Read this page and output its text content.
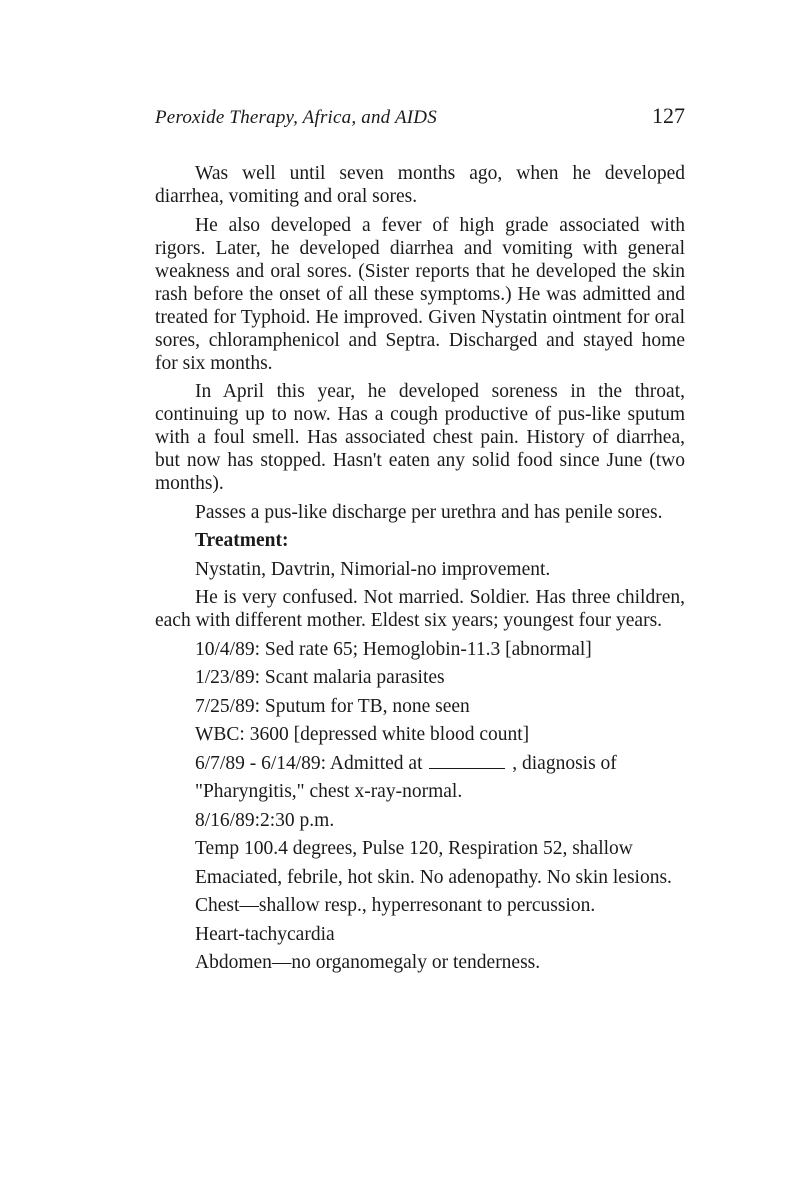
Peroxide Therapy, Africa, and AIDS	127

Was well until seven months ago, when he developed diarrhea, vomiting and oral sores.

He also developed a fever of high grade associated with rigors. Later, he developed diarrhea and vomiting with general weakness and oral sores. (Sister reports that he developed the skin rash before the onset of all these symptoms.) He was admitted and treated for Typhoid. He improved. Given Nystatin ointment for oral sores, chloramphenicol and Septra. Discharged and stayed home for six months.

In April this year, he developed soreness in the throat, continuing up to now. Has a cough productive of pus-like sputum with a foul smell. Has associated chest pain. History of diarrhea, but now has stopped. Hasn't eaten any solid food since June (two months).

Passes a pus-like discharge per urethra and has penile sores.

Treatment:

Nystatin, Davtrin, Nimorial-no improvement.

He is very confused. Not married. Soldier. Has three children, each with different mother. Eldest six years; youngest four years.

10/4/89: Sed rate 65; Hemoglobin-11.3 [abnormal]

1/23/89: Scant malaria parasites

7/25/89: Sputum for TB, none seen

WBC: 3600 [depressed white blood count]

6/7/89 - 6/14/89: Admitted at	, diagnosis of

"Pharyngitis," chest x-ray-normal.

8/16/89:2:30 p.m.

Temp 100.4 degrees, Pulse 120, Respiration 52, shallow

Emaciated, febrile, hot skin. No adenopathy. No skin lesions.

Chest—shallow resp., hyperresonant to percussion.

Heart-tachycardia

Abdomen—no organomegaly or tenderness.
